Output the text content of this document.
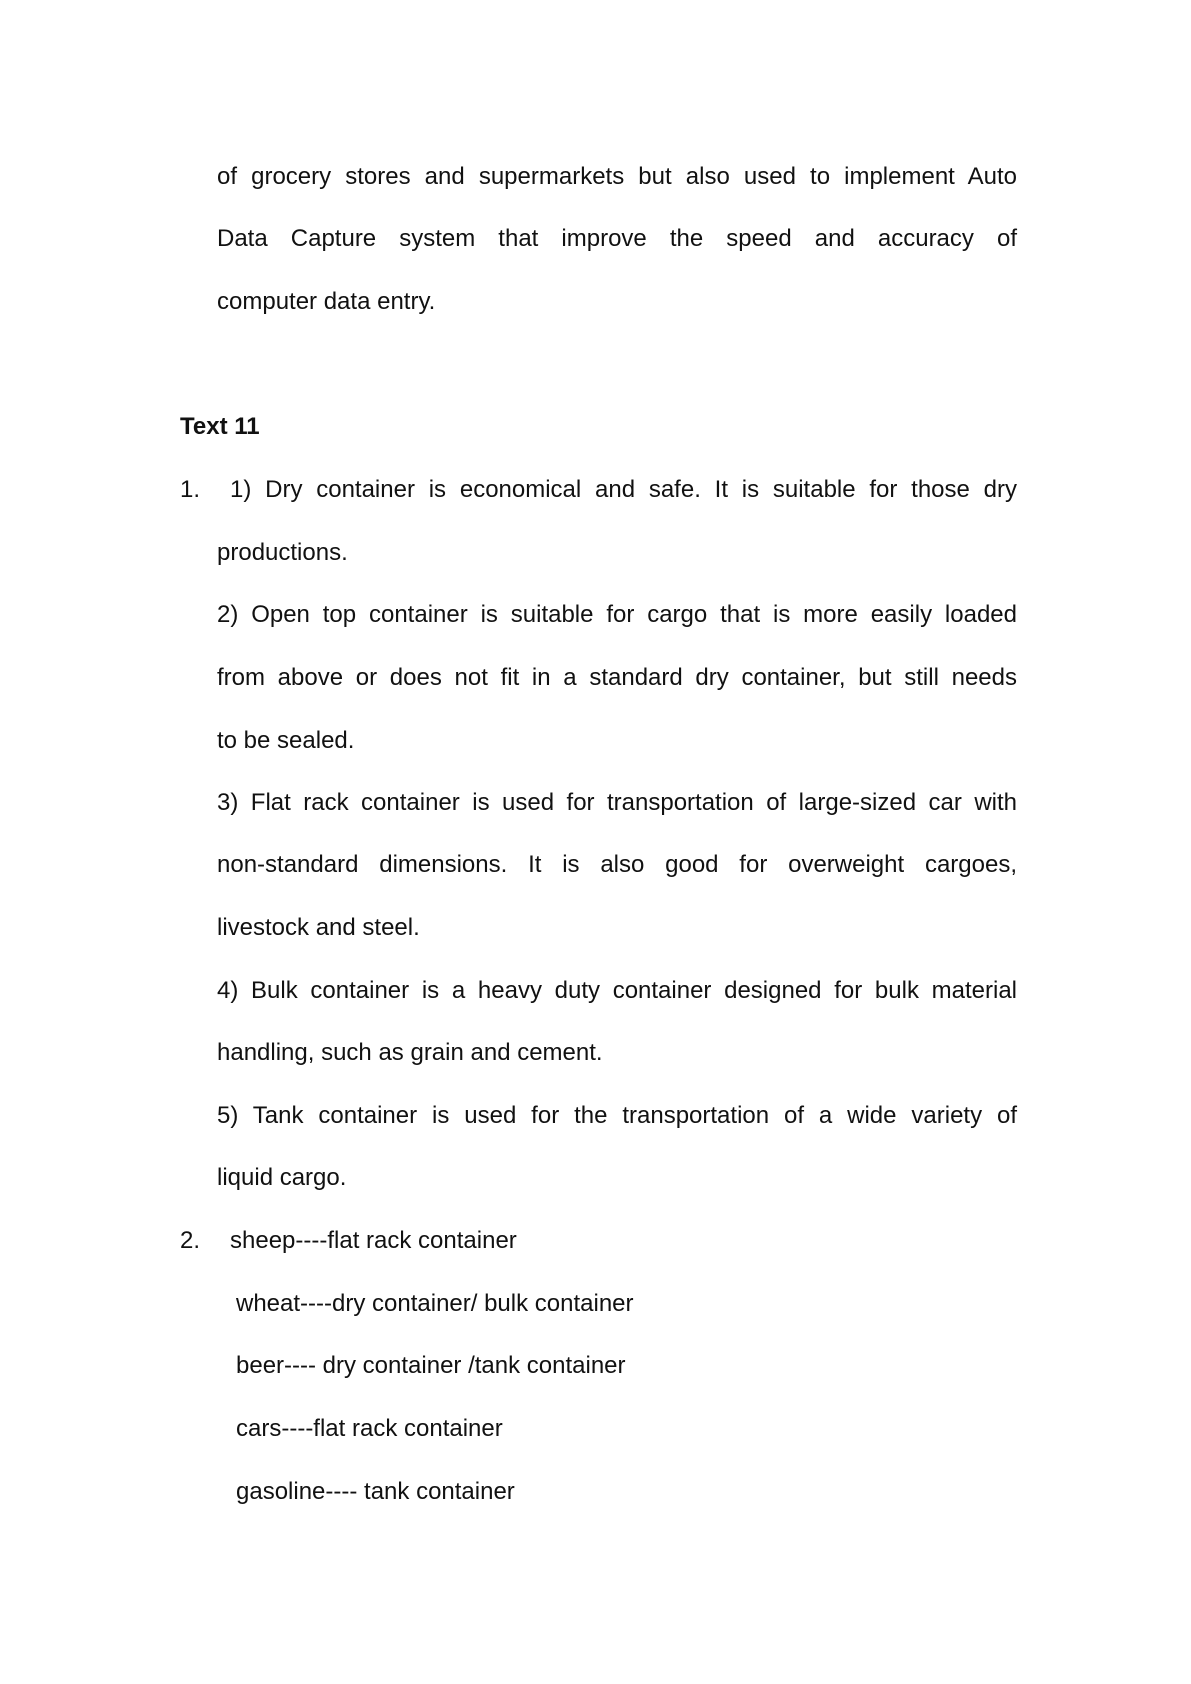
of grocery stores and supermarkets but also used to implement Auto
Data Capture system that improve the speed and accuracy of
computer data entry.
Text 11
1. 1) Dry container is economical and safe. It is suitable for those dry
productions.
2) Open top container is suitable for cargo that is more easily loaded
from above or does not fit in a standard dry container, but still needs
to be sealed.
3) Flat rack container is used for transportation of large-sized car with
non-standard dimensions. It is also good for overweight cargoes,
livestock and steel.
4) Bulk container is a heavy duty container designed for bulk material
handling, such as grain and cement.
5) Tank container is used for the transportation of a wide variety of
liquid cargo.
2. sheep----flat rack container
wheat----dry container/ bulk container
beer---- dry container /tank container
cars----flat rack container
gasoline---- tank container
